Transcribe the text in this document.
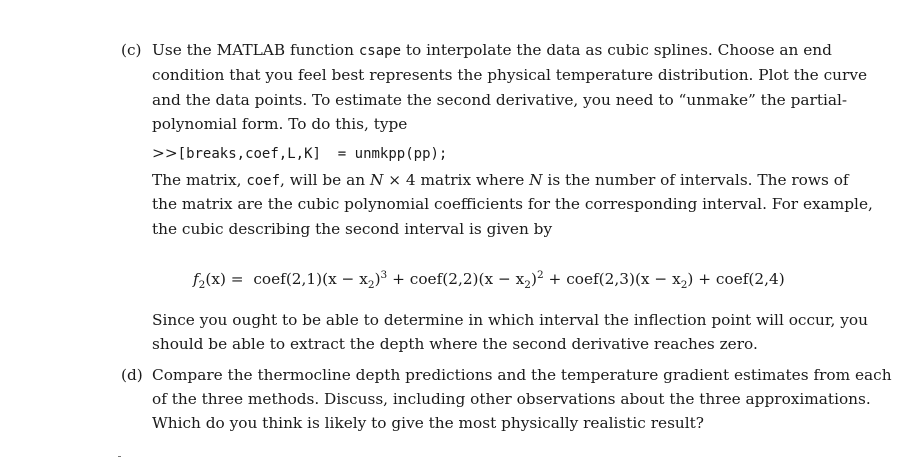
(c) Use the MATLAB function csape to interpolate the data as cubic splines. Choose an end
condition that you feel best represents the physical temperature distribution. Plot the curve
and the data points. To estimate the second derivative, you need to “unmake” the partial-
polynomial form. To do this, type
>>[breaks,coef,L,K]  = unmkpp(pp);
The matrix, coef, will be an N × 4 matrix where N is the number of intervals. The rows of
the matrix are the cubic polynomial coefficients for the corresponding interval. For example,
the cubic describing the second interval is given by
$f_2(x)$ = coef(2,1)(x − $x_2)^3$ + coef(2,2)(x − $x_2)^2$ + coef(2,3)(x − $x_2$) + coef(2,4)
Since you ought to be able to determine in which interval the inflection point will occur, you
should be able to extract the depth where the second derivative reaches zero.
(d) Compare the thermocline depth predictions and the temperature gradient estimates from each
of the three methods. Discuss, including other observations about the three approximations.
Which do you think is likely to give the most physically realistic result?
